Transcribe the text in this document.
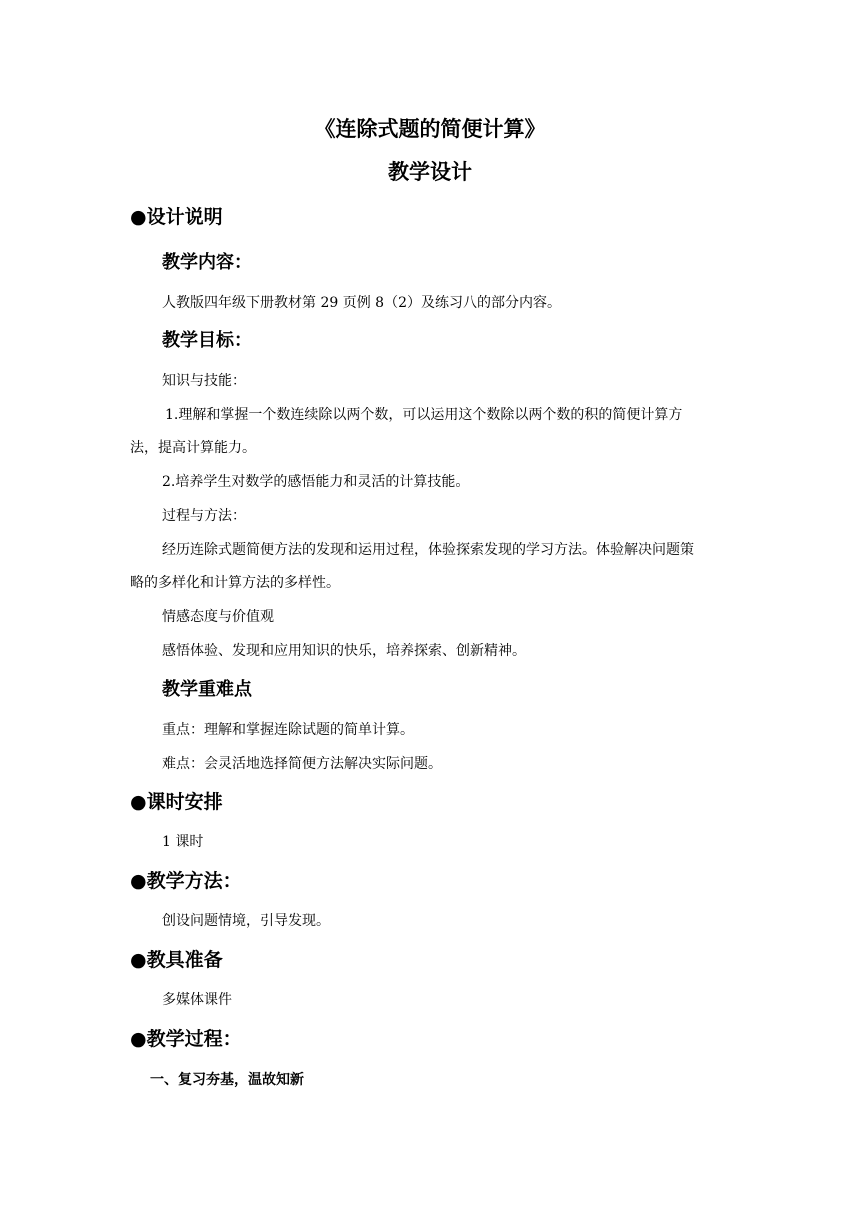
《连除式题的简便计算》
教学设计
●设计说明
教学内容：
人教版四年级下册教材第 29 页例 8（2）及练习八的部分内容。
教学目标：
知识与技能：
1.理解和掌握一个数连续除以两个数，可以运用这个数除以两个数的积的简便计算方
法，提高计算能力。
2.培养学生对数学的感悟能力和灵活的计算技能。
过程与方法：
经历连除式题简便方法的发现和运用过程，体验探索发现的学习方法。体验解决问题策
略的多样化和计算方法的多样性。
情感态度与价值观
感悟体验、发现和应用知识的快乐，培养探索、创新精神。
教学重难点
重点：理解和掌握连除试题的简单计算。
难点：会灵活地选择简便方法解决实际问题。
●课时安排
1 课时
●教学方法：
创设问题情境，引导发现。
●教具准备
多媒体课件
●教学过程：
一、复习夯基，温故知新
